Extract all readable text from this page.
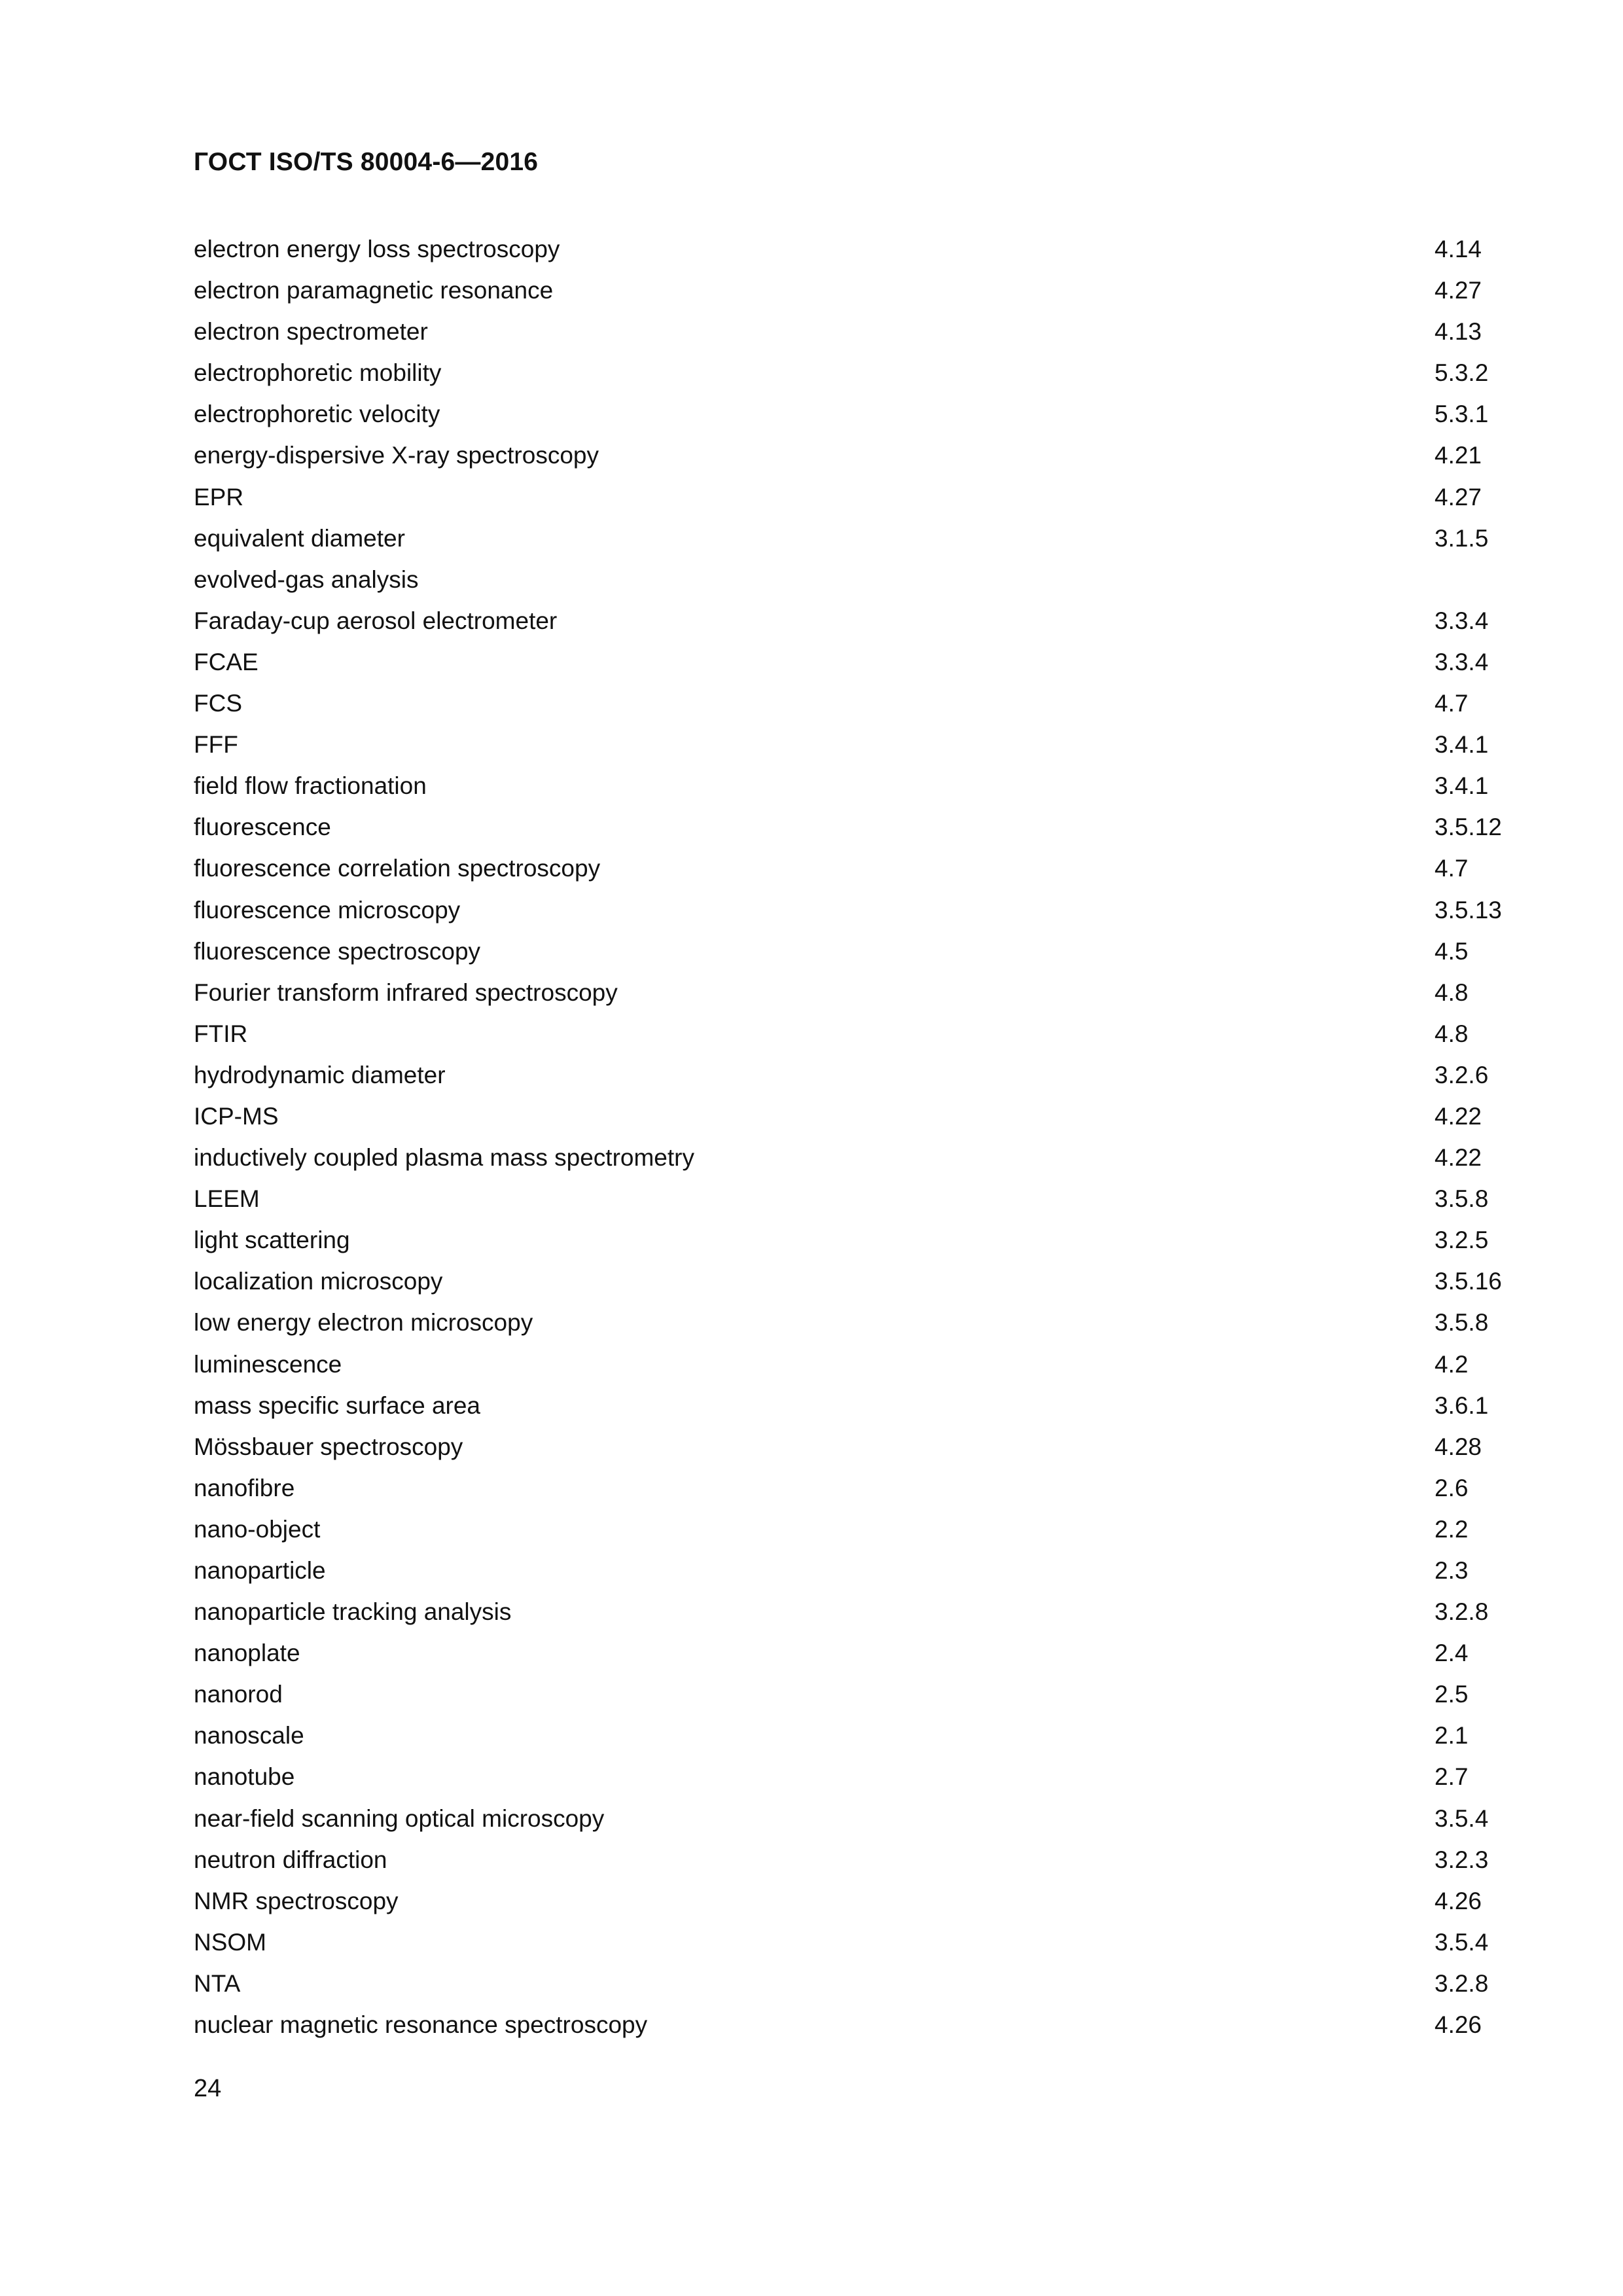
ГОСТ ISO/TS 80004-6—2016
electron energy loss spectroscopy	4.14
electron paramagnetic resonance	4.27
electron spectrometer	4.13
electrophoretic mobility	5.3.2
electrophoretic velocity	5.3.1
energy-dispersive X-ray spectroscopy	4.21
EPR	4.27
equivalent diameter	3.1.5
evolved-gas analysis
Faraday-cup aerosol electrometer	3.3.4
FCAE	3.3.4
FCS	4.7
FFF	3.4.1
field flow fractionation	3.4.1
fluorescence	3.5.12
fluorescence correlation spectroscopy	4.7
fluorescence microscopy	3.5.13
fluorescence spectroscopy	4.5
Fourier transform infrared spectroscopy	4.8
FTIR	4.8
hydrodynamic diameter	3.2.6
ICP-MS	4.22
inductively coupled plasma mass spectrometry	4.22
LEEM	3.5.8
light scattering	3.2.5
localization microscopy	3.5.16
low energy electron microscopy	3.5.8
luminescence	4.2
mass specific surface area	3.6.1
Mössbauer spectroscopy	4.28
nanofibre	2.6
nano-object	2.2
nanoparticle	2.3
nanoparticle tracking analysis	3.2.8
nanoplate	2.4
nanorod	2.5
nanoscale	2.1
nanotube	2.7
near-field scanning optical microscopy	3.5.4
neutron diffraction	3.2.3
NMR spectroscopy	4.26
NSOM	3.5.4
NTA	3.2.8
nuclear magnetic resonance spectroscopy	4.26
24
